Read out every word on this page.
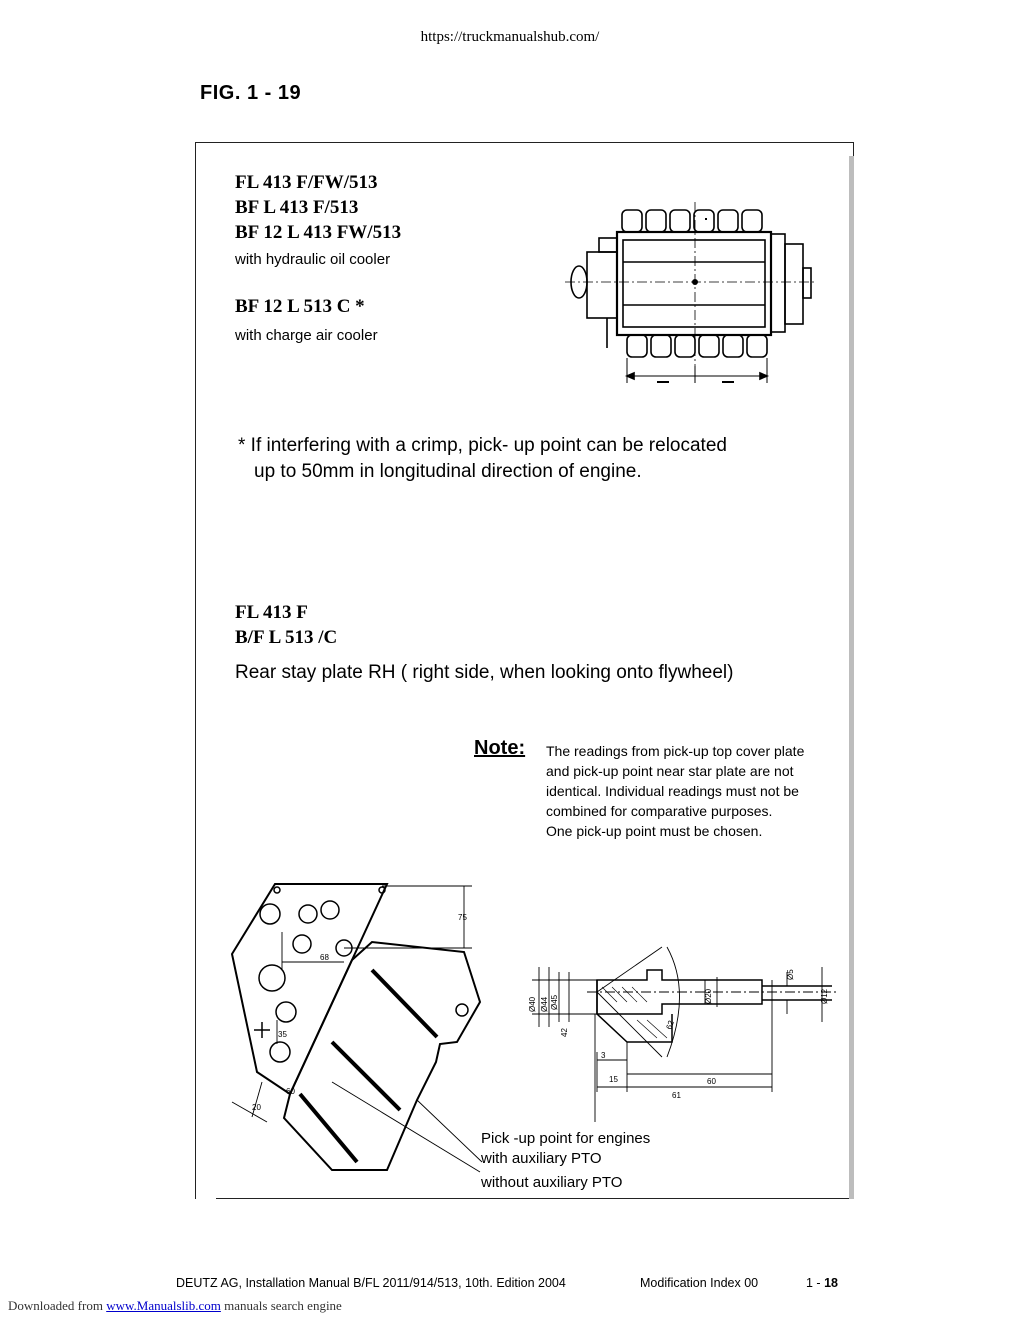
https://truckmanualshub.com/
FIG. 1 - 19
FL 413 F/FW/513
BF L 413 F/513
BF 12 L 413 FW/513
with hydraulic oil cooler
BF 12 L 513 C *
with charge air cooler
* If interfering with a crimp, pick- up point can be relocated
up to 50mm in longitudinal direction of engine.
FL 413 F
B/F L 513 /C
Rear stay plate RH ( right side, when looking onto flywheel)
Note: The readings from pick-up top cover plate
and pick-up point near star plate are not
identical. Individual readings must not be
combined for comparative purposes.
One pick-up point must be chosen.
75
68
35
60
20
Ø40 Ø44 Ø45
42
3
15	60
61
Ø12
Ø5
Ø20
62
Pick -up point for engines
with auxiliary PTO
without auxiliary PTO
DEUTZ AG, Installation Manual B/FL 2011/914/513, 10th. Edition 2004	Modification Index 00	1 - 18
Downloaded from www.Manualslib.com manuals search engine
